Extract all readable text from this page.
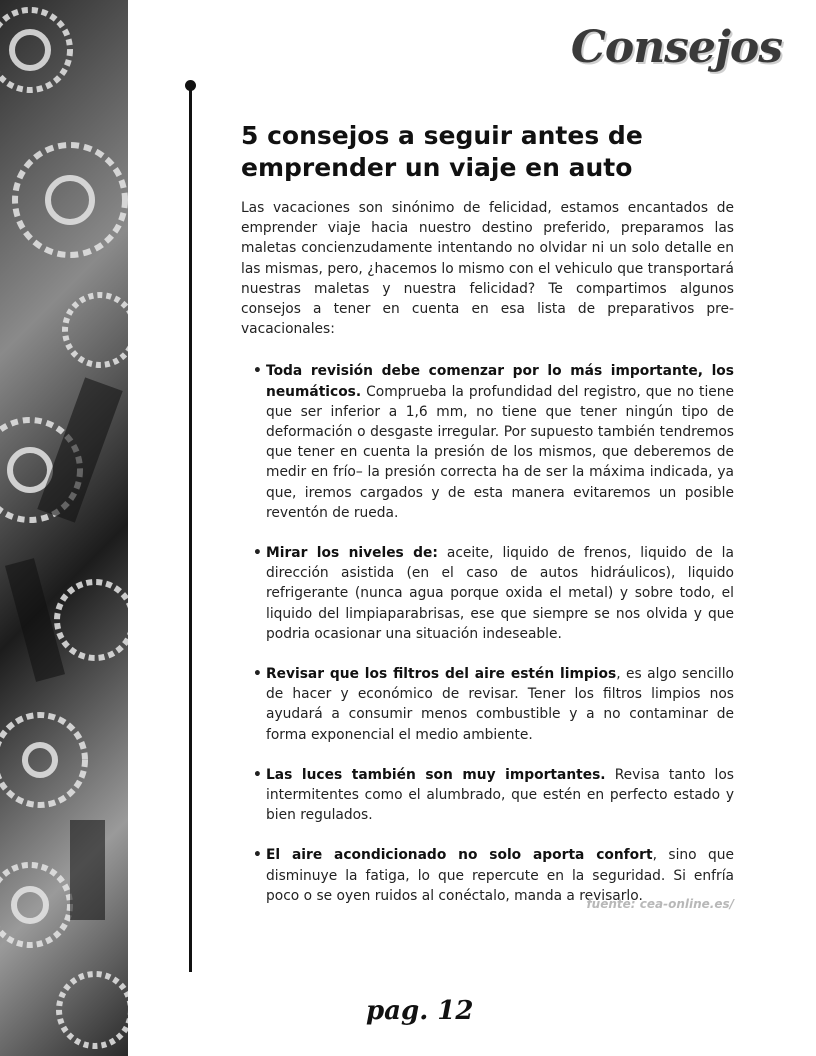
Consejos
5 consejos a seguir antes de emprender un viaje en auto

Las vacaciones son sinónimo de felicidad, estamos encantados de emprender viaje hacia nuestro destino preferido, preparamos las maletas concienzudamente intentando no olvidar ni un solo detalle en las mismas, pero, ¿hacemos lo mismo con el vehiculo que transportará nuestras maletas y nuestra felicidad? Te compartimos algunos consejos a tener en cuenta en esa lista de preparativos pre-vacacionales:

• Toda revisión debe comenzar por lo más importante, los neumáticos. Comprueba la profundidad del registro, que no tiene que ser inferior a 1,6 mm, no tiene que tener ningún tipo de deformación o desgaste irregular. Por supuesto también tendremos que tener en cuenta la presión de los mismos, que deberemos de medir en frío– la presión correcta ha de ser la máxima indicada, ya que, iremos cargados y de esta manera evitaremos un posible reventón de rueda.
• Mirar los niveles de: aceite, liquido de frenos, liquido de la dirección asistida (en el caso de autos hidráulicos), liquido refrigerante (nunca agua porque oxida el metal) y sobre todo, el liquido del limpiaparabrisas, ese que siempre se nos olvida y que podria ocasionar una situación indeseable.
• Revisar que los filtros del aire estén limpios, es algo sencillo de hacer y económico de revisar. Tener los filtros limpios nos ayudará a consumir menos combustible y a no contaminar de forma exponencial el medio ambiente.
• Las luces también son muy importantes. Revisa tanto los intermitentes como el alumbrado, que estén en perfecto estado y bien regulados.
• El aire acondicionado no solo aporta confort, sino que disminuye la fatiga, lo que repercute en la seguridad. Si enfría poco o se oyen ruidos al conéctalo, manda a revisarlo.
fuente: cea-online.es/
pag. 12
